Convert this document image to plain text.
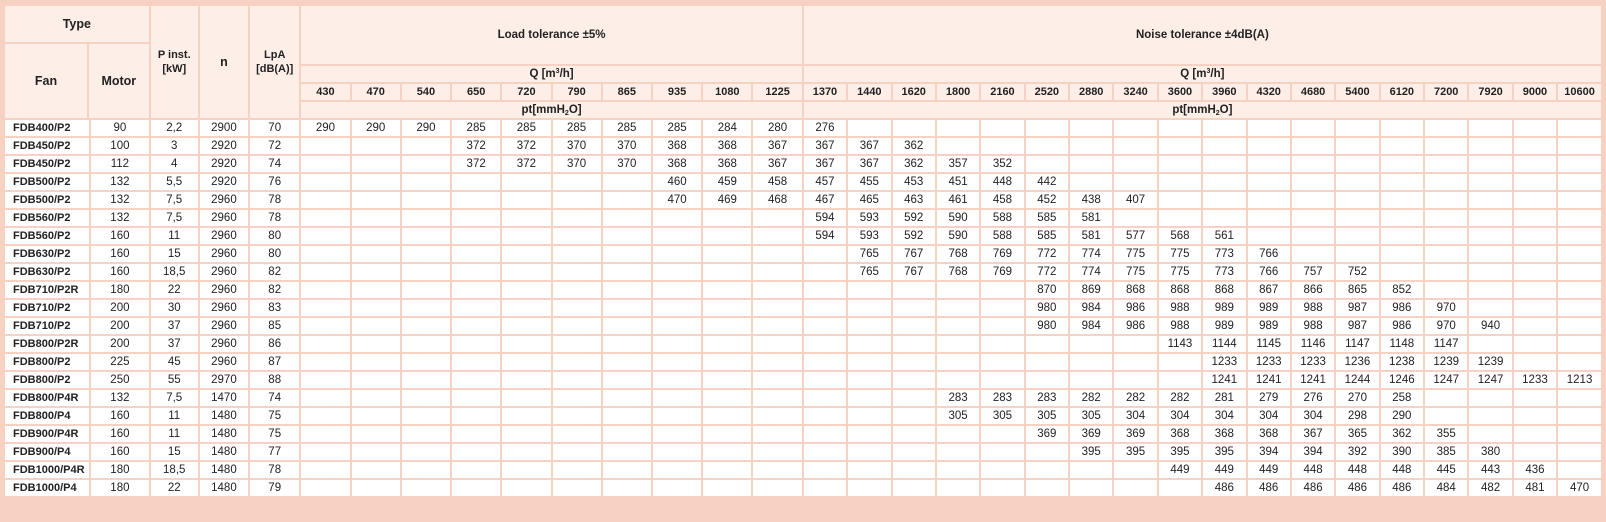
Type		P inst.
[kW]	n	LpA
[dB(A)]	Load tolerance ±5%										Noise tolerance ±4dB(A)																	

Fan Motor																																

					Q $[m^3/h]$										Q $[m^3/h]$																	
					430	470	540	650	720	790	865	935	1080	1225	1370	1440	1620	1800	2160	2520	2880	3240	3600	3960	4320	4680	5400	6120	7200	7920	9000	10600
					pt[mmH$_2$O]										pt[mmH$_2$O]																	
FDB400/P2	90	2,2	2900	70	290	290	290	285	285	285	285	285	284	280	276																	
FDB450/P2	100	3	2920	72				372	372	370	370	368	368	367	367	367	362															
FDB450/P2	112	4	2920	74				372	372	370	370	368	368	367	367	367	362	357	352													
FDB500/P2	132	5,5	2920	76								460	459	458	457	455	453	451	448	442												
FDB500/P2	132	7,5	2960	78								470	469	468	467	465	463	461	458	452	438	407										
FDB560/P2	132	7,5	2960	78											594	593	592	590	588	585	581											
FDB560/P2	160	11	2960	80											594	593	592	590	588	585	581	577	568	561								
FDB630/P2	160	15	2960	80												765	767	768	769	772	774	775	775	773	766							
FDB630/P2	160	18,5	2960	82												765	767	768	769	772	774	775	775	773	766	757	752					
FDB710/P2R	180	22	2960	82																870	869	868	868	868	867	866	865	852				
FDB710/P2	200	30	2960	83																980	984	986	988	989	989	988	987	986	970			
FDB710/P2	200	37	2960	85																980	984	986	988	989	989	988	987	986	970	940		
FDB800/P2R	200	37	2960	86																			1143	1144	1145	1146	1147	1148	1147			
FDB800/P2	225	45	2960	87																				1233	1233	1233	1236	1238	1239	1239		
FDB800/P2	250	55	2970	88																				1241	1241	1241	1244	1246	1247	1247	1233	1213
FDB800/P4R	132	7,5	1470	74														283	283	283	282	282	282	281	279	276	270	258				
FDB800/P4	160	11	1480	75														305	305	305	305	304	304	304	304	304	298	290				
FDB900/P4R	160	11	1480	75																369	369	369	368	368	368	367	365	362	355			
FDB900/P4	160	15	1480	77																	395	395	395	395	394	394	392	390	385	380		
FDB1000/P4R	180	18,5	1480	78																			449	449	449	448	448	448	445	443	436	
FDB1000/P4	180	22	1480	79																				486	486	486	486	486	484	482	481	470
